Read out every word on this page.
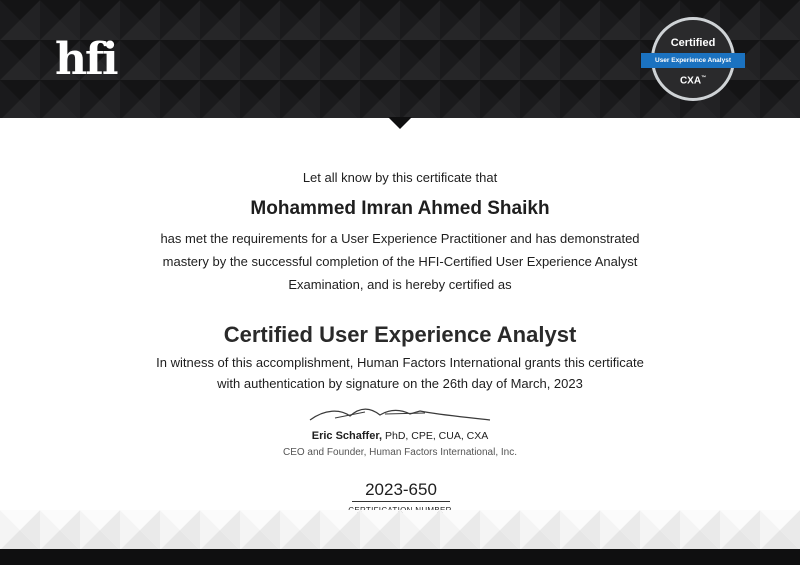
hfi	Certified
CXA™
User Experience Analyst
Let all know by this certificate that
Mohammed Imran Ahmed Shaikh
has met the requirements for a User Experience Practitioner and has demonstrated
mastery by the successful completion of the HFI-Certified User Experience Analyst
Examination, and is hereby certified as
Certified User Experience Analyst
In witness of this accomplishment, Human Factors International grants this certificate
with authentication by signature on the 26th day of March, 2023
Eric Schaffer, PhD, CPE, CUA, CXA
CEO and Founder, Human Factors International, Inc.
2023-650
